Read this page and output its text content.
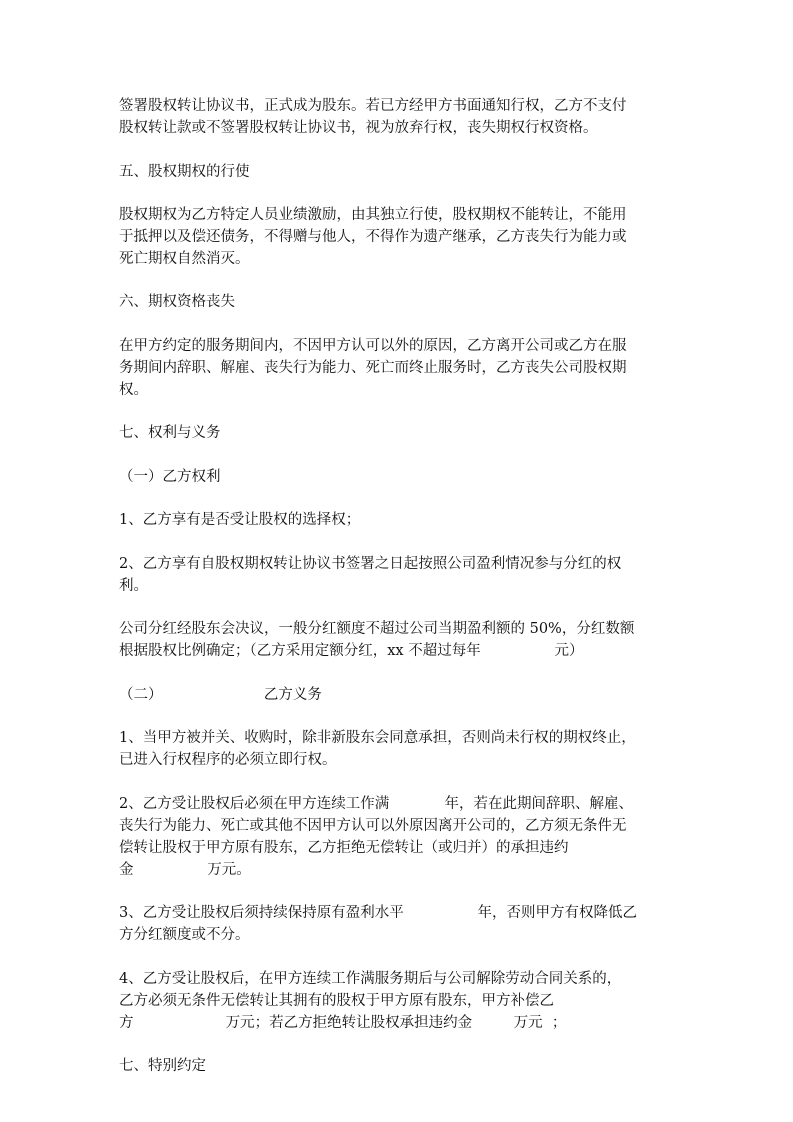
签署股权转让协议书，正式成为股东。若已方经甲方书面通知行权，乙方不支付
股权转让款或不签署股权转让协议书，视为放弃行权，丧失期权行权资格。
五、股权期权的行使
股权期权为乙方特定人员业绩激励，由其独立行使，股权期权不能转让，不能用
于抵押以及偿还债务，不得赠与他人，不得作为遗产继承，乙方丧失行为能力或
死亡期权自然消灭。
六、期权资格丧失
在甲方约定的服务期间内，不因甲方认可以外的原因，乙方离开公司或乙方在服
务期间内辞职、解雇、丧失行为能力、死亡而终止服务时，乙方丧失公司股权期
权。
七、权利与义务
（一）乙方权利
1、乙方享有是否受让股权的选择权；
2、乙方享有自股权期权转让协议书签署之日起按照公司盈利情况参与分红的权
利。
公司分红经股东会决议，一般分红额度不超过公司当期盈利额的 50%，分红数额
根据股权比例确定；（乙方采用定额分红，xx 不超过每年                元）
（二）                      乙方义务
1、当甲方被并关、收购时，除非新股东会同意承担，否则尚未行权的期权终止，
已进入行权程序的必须立即行权。
2、乙方受让股权后必须在甲方连续工作满            年，若在此期间辞职、解雇、
丧失行为能力、死亡或其他不因甲方认可以外原因离开公司的，乙方须无条件无
偿转让股权于甲方原有股东，乙方拒绝无偿转让（或归并）的承担违约
金                万元。
3、乙方受让股权后须持续保持原有盈利水平                年，否则甲方有权降低乙
方分红额度或不分。
4、乙方受让股权后，在甲方连续工作满服务期后与公司解除劳动合同关系的，
乙方必须无条件无偿转让其拥有的股权于甲方原有股东，甲方补偿乙
方                    万元；若乙方拒绝转让股权承担违约金         万元  ；
七、特别约定
